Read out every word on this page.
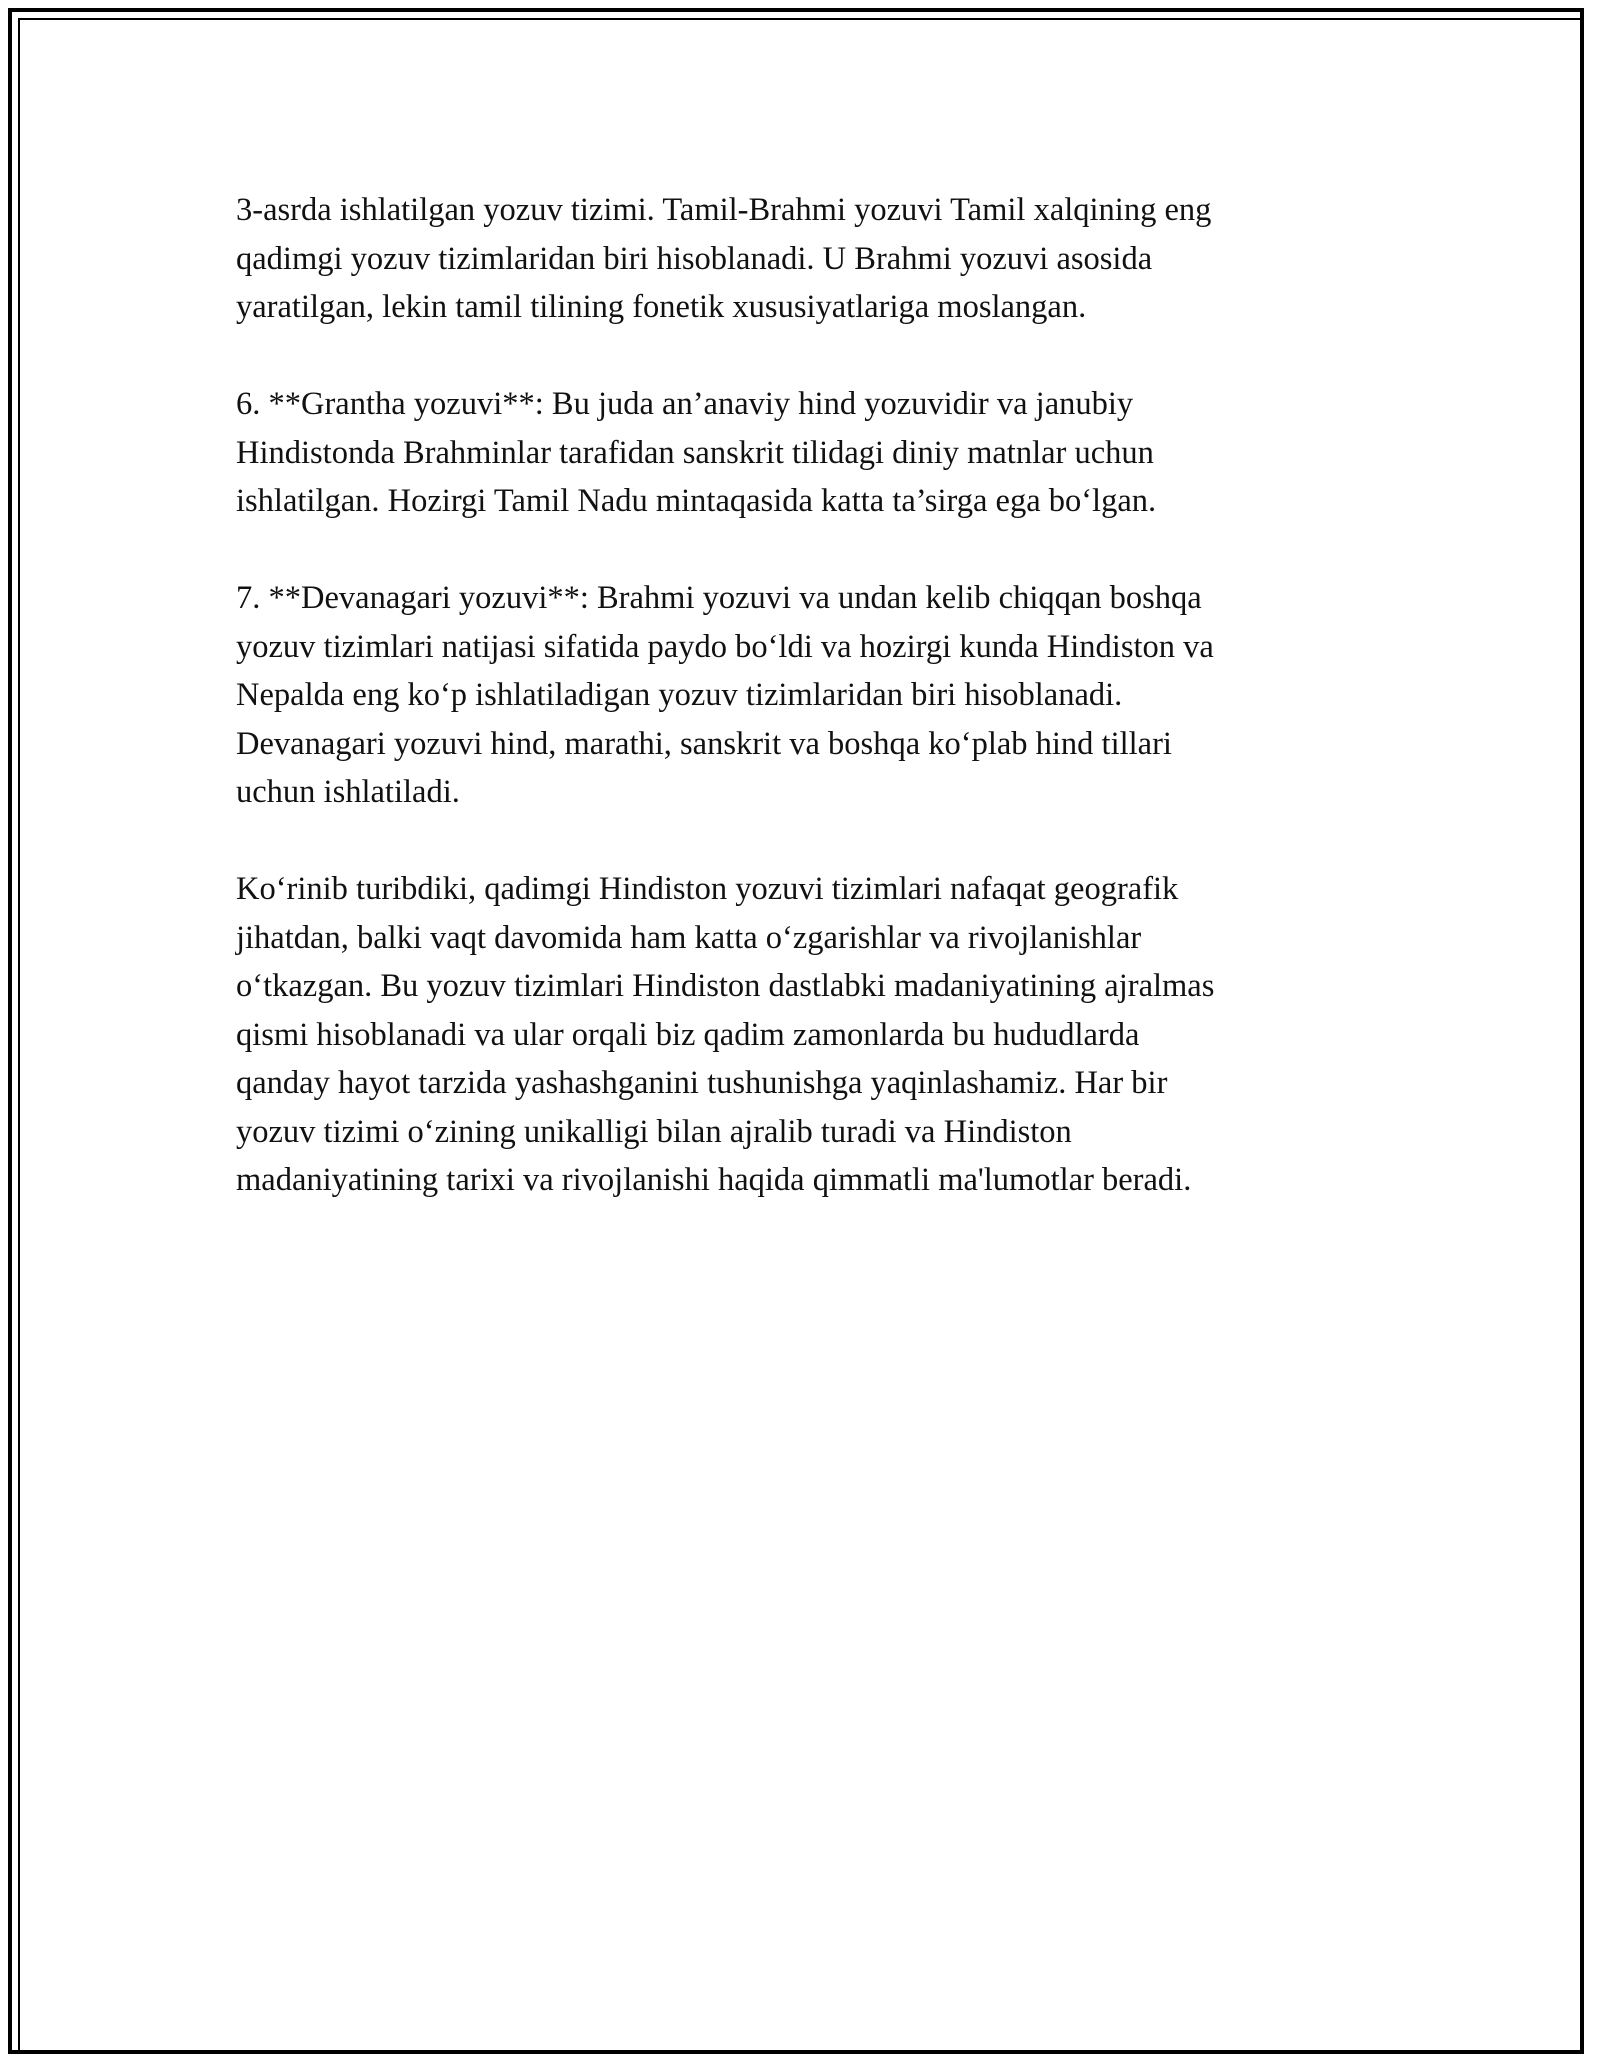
3-asrda ishlatilgan yozuv tizimi. Tamil-Brahmi yozuvi Tamil xalqining eng
qadimgi yozuv tizimlaridan biri hisoblanadi. U Brahmi yozuvi asosida
yaratilgan, lekin tamil tilining fonetik xususiyatlariga moslangan.

6. **Grantha yozuvi**: Bu juda an’anaviy hind yozuvidir va janubiy
Hindistonda Brahminlar tarafidan sanskrit tilidagi diniy matnlar uchun
ishlatilgan. Hozirgi Tamil Nadu mintaqasida katta ta’sirga ega bo‘lgan.

7. **Devanagari yozuvi**: Brahmi yozuvi va undan kelib chiqqan boshqa
yozuv tizimlari natijasi sifatida paydo bo‘ldi va hozirgi kunda Hindiston va
Nepalda eng ko‘p ishlatiladigan yozuv tizimlaridan biri hisoblanadi.
Devanagari yozuvi hind, marathi, sanskrit va boshqa ko‘plab hind tillari
uchun ishlatiladi.

Ko‘rinib turibdiki, qadimgi Hindiston yozuvi tizimlari nafaqat geografik
jihatdan, balki vaqt davomida ham katta o‘zgarishlar va rivojlanishlar
o‘tkazgan. Bu yozuv tizimlari Hindiston dastlabki madaniyatining ajralmas
qismi hisoblanadi va ular orqali biz qadim zamonlarda bu hududlarda
qanday hayot tarzida yashashganini tushunishga yaqinlashamiz. Har bir
yozuv tizimi o‘zining unikalligi bilan ajralib turadi va Hindiston
madaniyatining tarixi va rivojlanishi haqida qimmatli ma'lumotlar beradi.
